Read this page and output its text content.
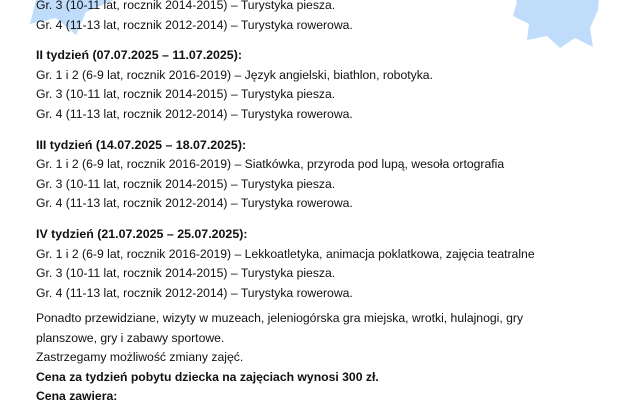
Gr. 3 (10-11 lat, rocznik 2014-2015) – Turystyka piesza.
Gr. 4 (11-13 lat, rocznik 2012-2014) – Turystyka rowerowa.
II tydzień (07.07.2025 – 11.07.2025):
Gr. 1 i 2 (6-9 lat, rocznik 2016-2019) – Język angielski, biathlon, robotyka.
Gr. 3 (10-11 lat, rocznik 2014-2015) – Turystyka piesza.
Gr. 4 (11-13 lat, rocznik 2012-2014) – Turystyka rowerowa.
III tydzień (14.07.2025 – 18.07.2025):
Gr. 1 i 2 (6-9 lat, rocznik 2016-2019) – Siatkówka, przyroda pod lupą, wesoła ortografia
Gr. 3 (10-11 lat, rocznik 2014-2015) – Turystyka piesza.
Gr. 4 (11-13 lat, rocznik 2012-2014) – Turystyka rowerowa.
IV tydzień (21.07.2025 – 25.07.2025):
Gr. 1 i 2 (6-9 lat, rocznik 2016-2019) – Lekkoatletyka, animacja poklatkowa, zajęcia teatralne
Gr. 3 (10-11 lat, rocznik 2014-2015) – Turystyka piesza.
Gr. 4 (11-13 lat, rocznik 2012-2014) – Turystyka rowerowa.
Ponadto przewidziane, wizyty w muzeach, jeleniogórska gra miejska, wrotki, hulajnogi, gry planszowe, gry i zabawy sportowe.
Zastrzegamy możliwość zmiany zajęć.
Cena za tydzień pobytu dziecka na zajęciach wynosi 300 zł.
Cena zawiera:
